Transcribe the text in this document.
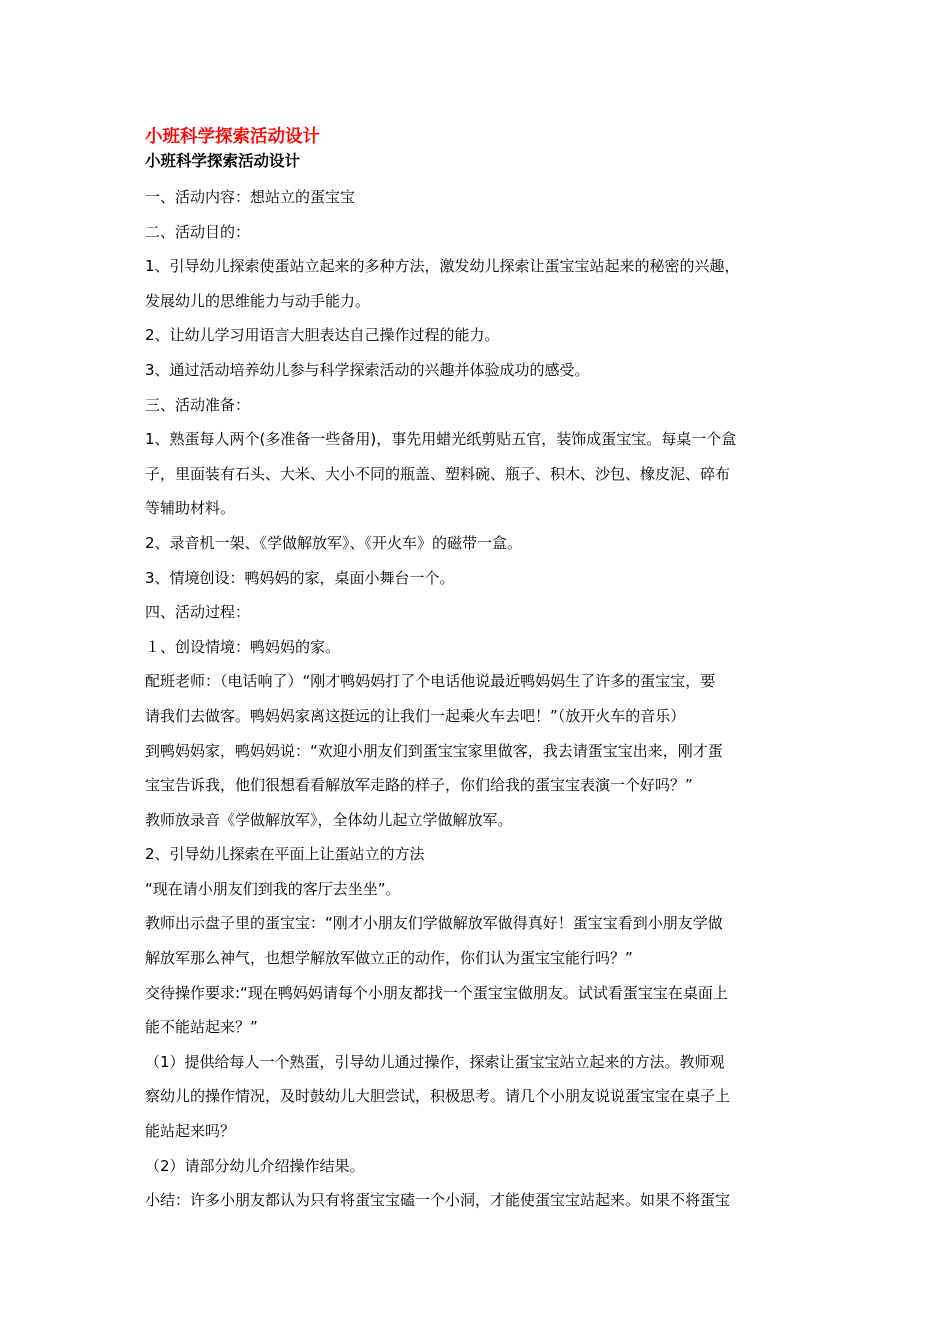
小班科学探索活动设计
小班科学探索活动设计

一、活动内容：想站立的蛋宝宝

二、活动目的：

1、引导幼儿探索使蛋站立起来的多种方法，激发幼儿探索让蛋宝宝站起来的秘密的兴趣，

发展幼儿的思维能力与动手能力。

2、让幼儿学习用语言大胆表达自己操作过程的能力。

3、通过活动培养幼儿参与科学探索活动的兴趣并体验成功的感受。

三、活动准备：

1、熟蛋每人两个(多准备一些备用)，事先用蜡光纸剪贴五官，装饰成蛋宝宝。每桌一个盒

子，里面装有石头、大米、大小不同的瓶盖、塑料碗、瓶子、积木、沙包、橡皮泥、碎布

等辅助材料。

2、录音机一架、《学做解放军》、《开火车》的磁带一盒。

3、情境创设：鸭妈妈的家，桌面小舞台一个。

四、活动过程：

１、创设情境：鸭妈妈的家。

配班老师：（电话响了）“刚才鸭妈妈打了个电话他说最近鸭妈妈生了许多的蛋宝宝，要

请我们去做客。鸭妈妈家离这挺远的让我们一起乘火车去吧！”（放开火车的音乐）

到鸭妈妈家，鸭妈妈说：“欢迎小朋友们到蛋宝宝家里做客，我去请蛋宝宝出来，刚才蛋

宝宝告诉我，他们很想看看解放军走路的样子，你们给我的蛋宝宝表演一个好吗？”

教师放录音《学做解放军》，全体幼儿起立学做解放军。

2、引导幼儿探索在平面上让蛋站立的方法

“现在请小朋友们到我的客厅去坐坐”。

教师出示盘子里的蛋宝宝：“刚才小朋友们学做解放军做得真好！蛋宝宝看到小朋友学做

解放军那么神气，也想学解放军做立正的动作，你们认为蛋宝宝能行吗？”

交待操作要求:“现在鸭妈妈请每个小朋友都找一个蛋宝宝做朋友。试试看蛋宝宝在桌面上

能不能站起来？”

（1）提供给每人一个熟蛋，引导幼儿通过操作，探索让蛋宝宝站立起来的方法。教师观

察幼儿的操作情况，及时鼓幼儿大胆尝试，积极思考。请几个小朋友说说蛋宝宝在桌子上

能站起来吗？

（2）请部分幼儿介绍操作结果。

小结：许多小朋友都认为只有将蛋宝宝磕一个小洞，才能使蛋宝宝站起来。如果不将蛋宝
